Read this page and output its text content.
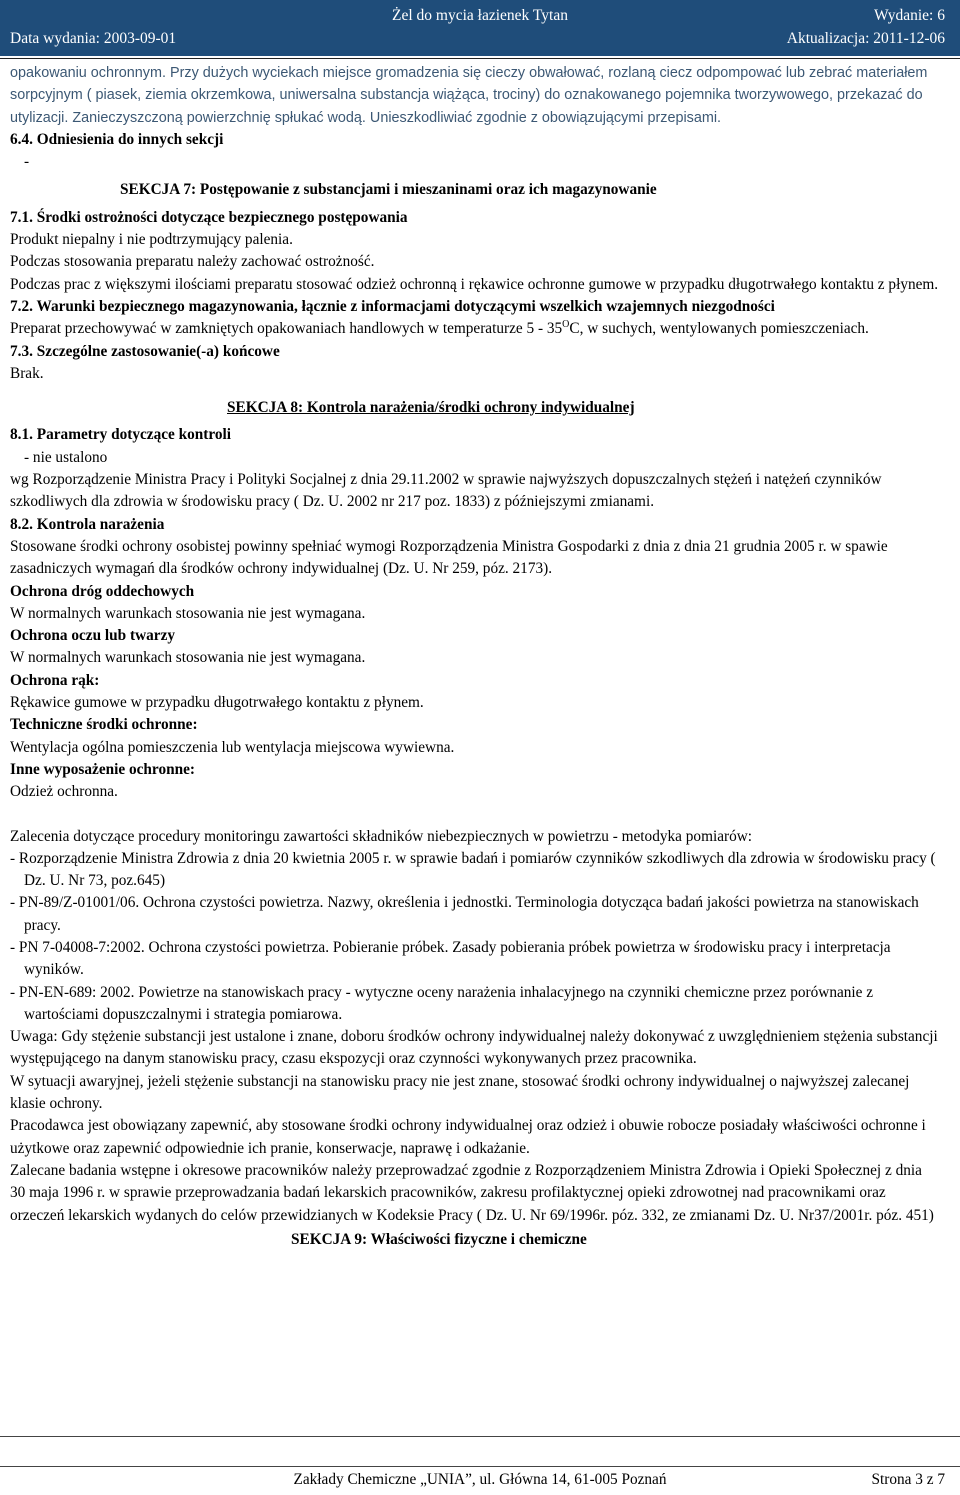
Żel do mycia łazienek Tytan	Wydanie: 6
Data wydania: 2003-09-01	Aktualizacja: 2011-12-06

opakowaniu ochronnym. Przy dużych wyciekach miejsce gromadzenia się cieczy obwałować, rozlaną ciecz odpompować lub zebrać materiałem sorpcyjnym ( piasek, ziemia okrzemkowa, uniwersalna substancja wiążąca, trociny) do oznakowanego pojemnika tworzywowego, przekazać do utylizacji. Zanieczyszczoną powierzchnię spłukać wodą. Unieszkodliwiać zgodnie z obowiązującymi przepisami.

6.4. Odniesienia do innych sekcji

-

SEKCJA 7: Postępowanie z substancjami i mieszaninami oraz ich magazynowanie

7.1. Środki ostrożności dotyczące bezpiecznego postępowania

Produkt niepalny i nie podtrzymujący palenia.

Podczas stosowania preparatu należy zachować ostrożność.

Podczas prac z większymi ilościami preparatu stosować odzież ochronną i rękawice ochronne gumowe w przypadku długotrwałego kontaktu z płynem.

7.2. Warunki bezpiecznego magazynowania, łącznie z informacjami dotyczącymi wszelkich wzajemnych niezgodności

Preparat przechowywać w zamkniętych opakowaniach handlowych w temperaturze $5 - 35^OC$, w suchych, wentylowanych pomieszczeniach.

7.3. Szczególne zastosowanie(-a) końcowe

Brak.

SEKCJA 8: Kontrola narażenia/środki ochrony indywidualnej

8.1. Parametry dotyczące kontroli

- nie ustalono

wg Rozporządzenie Ministra Pracy i Polityki Socjalnej z dnia 29.11.2002 w sprawie najwyższych dopuszczalnych stężeń i natężeń czynników szkodliwych dla zdrowia w środowisku pracy ( Dz. U. 2002 nr 217 poz. 1833) z późniejszymi zmianami.

8.2. Kontrola narażenia

Stosowane środki ochrony osobistej powinny spełniać wymogi Rozporządzenia Ministra Gospodarki z dnia z dnia 21 grudnia 2005 r. w spawie zasadniczych wymagań dla środków ochrony indywidualnej (Dz. U. Nr 259, póz. 2173).

Ochrona dróg oddechowych

W normalnych warunkach stosowania nie jest wymagana.

Ochrona oczu lub twarzy

W normalnych warunkach stosowania nie jest wymagana.

Ochrona rąk:

Rękawice gumowe w przypadku długotrwałego kontaktu z płynem.

Techniczne środki ochronne:

Wentylacja ogólna pomieszczenia lub wentylacja miejscowa wywiewna.

Inne wyposażenie ochronne:

Odzież ochronna.

Zalecenia dotyczące procedury monitoringu zawartości składników niebezpiecznych w powietrzu - metodyka pomiarów:

- Rozporządzenie Ministra Zdrowia z dnia 20 kwietnia 2005 r. w sprawie badań i pomiarów czynników szkodliwych dla zdrowia w środowisku pracy ( Dz. U. Nr 73, poz.645)

- PN-89/Z-01001/06. Ochrona czystości powietrza. Nazwy, określenia i jednostki. Terminologia dotycząca badań jakości powietrza na stanowiskach pracy.

- PN 7-04008-7:2002. Ochrona czystości powietrza. Pobieranie próbek. Zasady pobierania próbek powietrza w środowisku pracy i interpretacja wyników.

- PN-EN-689: 2002. Powietrze na stanowiskach pracy - wytyczne oceny narażenia inhalacyjnego na czynniki chemiczne przez porównanie z wartościami dopuszczalnymi i strategia pomiarowa.

Uwaga: Gdy stężenie substancji jest ustalone i znane, doboru środków ochrony indywidualnej należy dokonywać z uwzględnieniem stężenia substancji występującego na danym stanowisku pracy, czasu ekspozycji oraz czynności wykonywanych przez pracownika.

W sytuacji awaryjnej, jeżeli stężenie substancji na stanowisku pracy nie jest znane, stosować środki ochrony indywidualnej o najwyższej zalecanej klasie ochrony.

Pracodawca jest obowiązany zapewnić, aby stosowane środki ochrony indywidualnej oraz odzież i obuwie robocze posiadały właściwości ochronne i użytkowe oraz zapewnić odpowiednie ich pranie, konserwacje, naprawę i odkażanie.

Zalecane badania wstępne i okresowe pracowników należy przeprowadzać zgodnie z Rozporządzeniem Ministra Zdrowia i Opieki Społecznej z dnia 30 maja 1996 r. w sprawie przeprowadzania badań lekarskich pracowników, zakresu profilaktycznej opieki zdrowotnej nad pracownikami oraz orzeczeń lekarskich wydanych do celów przewidzianych w Kodeksie Pracy ( Dz. U. Nr 69/1996r. póz. 332, ze zmianami Dz. U. Nr37/2001r. póz. 451)

SEKCJA 9: Właściwości fizyczne i chemiczne

Zakłady Chemiczne „UNIA”, ul. Główna 14, 61-005 Poznań	Strona 3 z 7
